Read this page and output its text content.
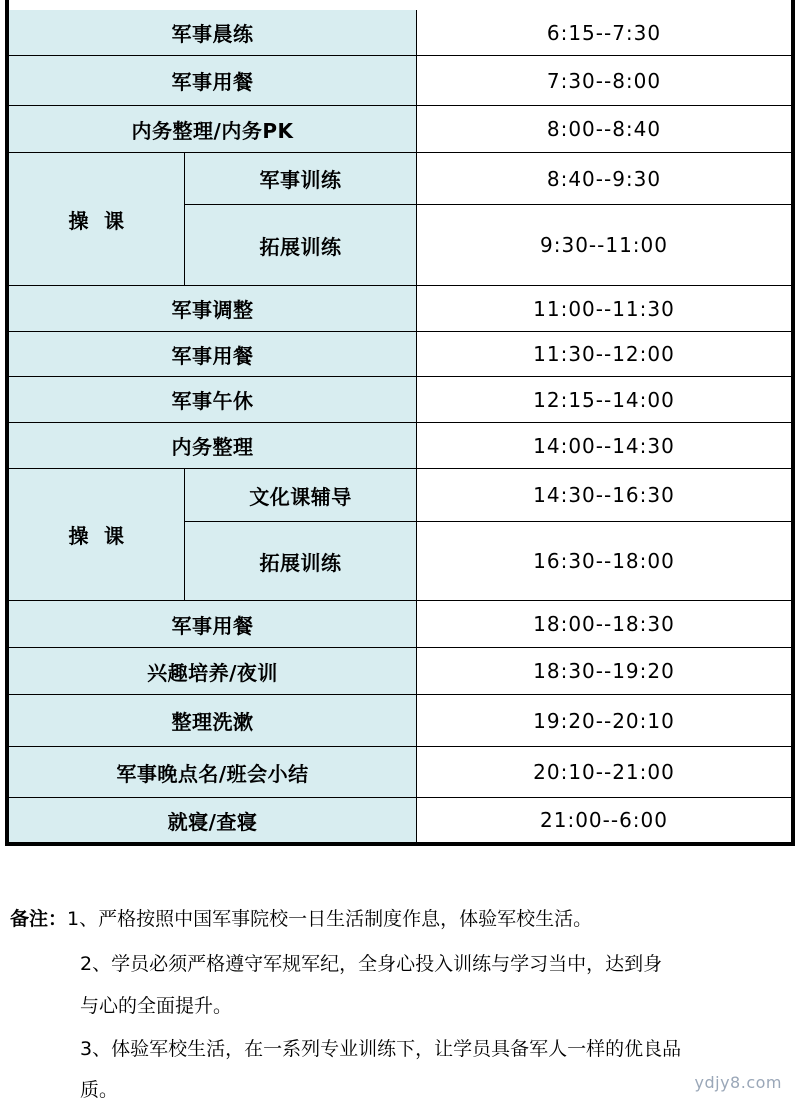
军事晨练	6:15--7:30
军事用餐	7:30--8:00
内务整理/内务PK	8:00--8:40
操  课
军事训练	8:40--9:30
拓展训练	9:30--11:00
军事调整	11:00--11:30
军事用餐	11:30--12:00
军事午休	12:15--14:00
内务整理	14:00--14:30
操  课
文化课辅导	14:30--16:30
拓展训练	16:30--18:00
军事用餐	18:00--18:30
兴趣培养/夜训	18:30--19:20
整理洗漱	19:20--20:10
军事晚点名/班会小结	20:10--21:00
就寝/查寝	21:00--6:00
备注：1、严格按照中国军事院校一日生活制度作息，体验军校生活。
2、学员必须严格遵守军规军纪，全身心投入训练与学习当中，达到身
与心的全面提升。
3、体验军校生活，在一系列专业训练下，让学员具备军人一样的优良品
质。	ydjy8.com
